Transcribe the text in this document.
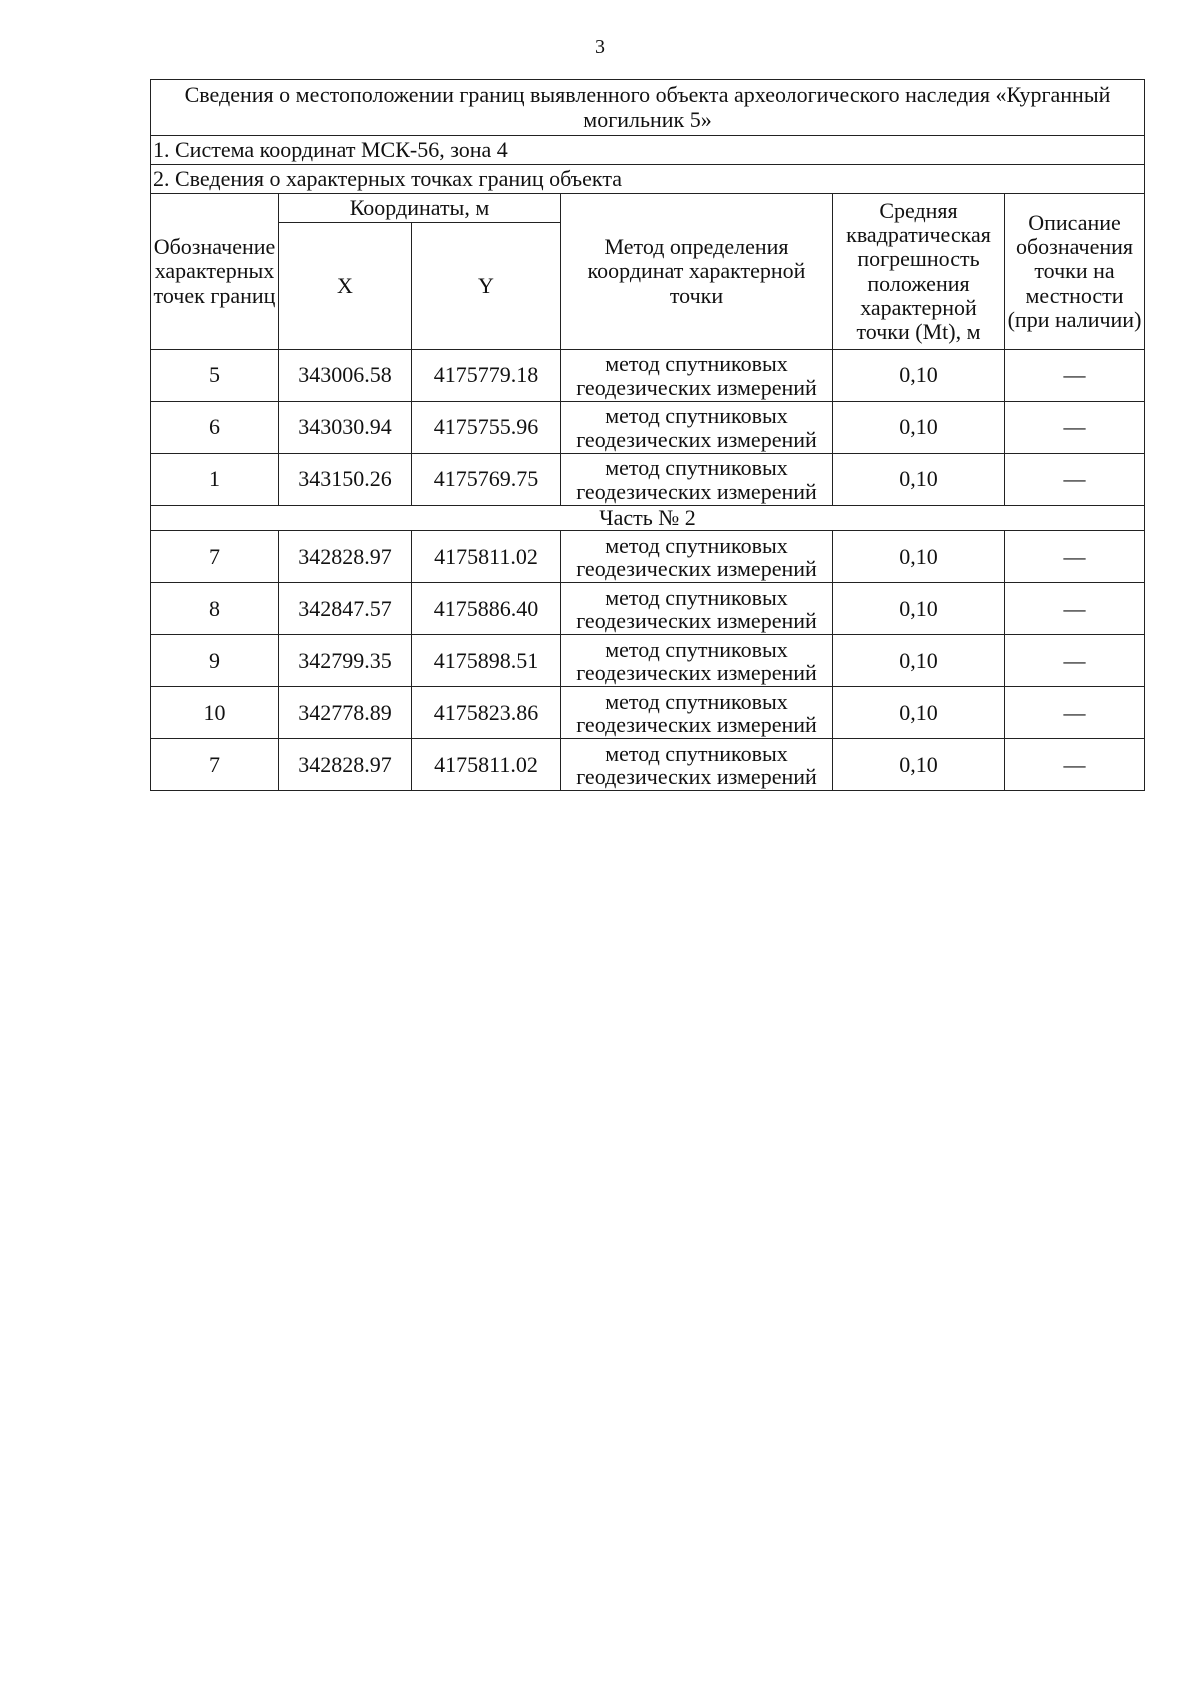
3
Сведения о местоположении границ выявленного объекта археологического наследия «Курганный могильник 5»					
1. Система координат МСК-56, зона 4					
2. Сведения о характерных точках границ объекта					
Обозначение характерных точек границ	Координаты, м		Метод определения координат характерной точки	Средняя квадратическая погрешность положения характерной точки (Mt), м	Описание обозначения точки на местности (при наличии)
	X	Y			
5	343006.58	4175779.18	метод спутниковых геодезических измерений	0,10	—
6	343030.94	4175755.96	метод спутниковых геодезических измерений	0,10	—
1	343150.26	4175769.75	метод спутниковых геодезических измерений	0,10	—
Часть № 2					
7	342828.97	4175811.02	метод спутниковых геодезических измерений	0,10	—
8	342847.57	4175886.40	метод спутниковых геодезических измерений	0,10	—
9	342799.35	4175898.51	метод спутниковых геодезических измерений	0,10	—
10	342778.89	4175823.86	метод спутниковых геодезических измерений	0,10	—
7	342828.97	4175811.02	метод спутниковых геодезических измерений	0,10	—
